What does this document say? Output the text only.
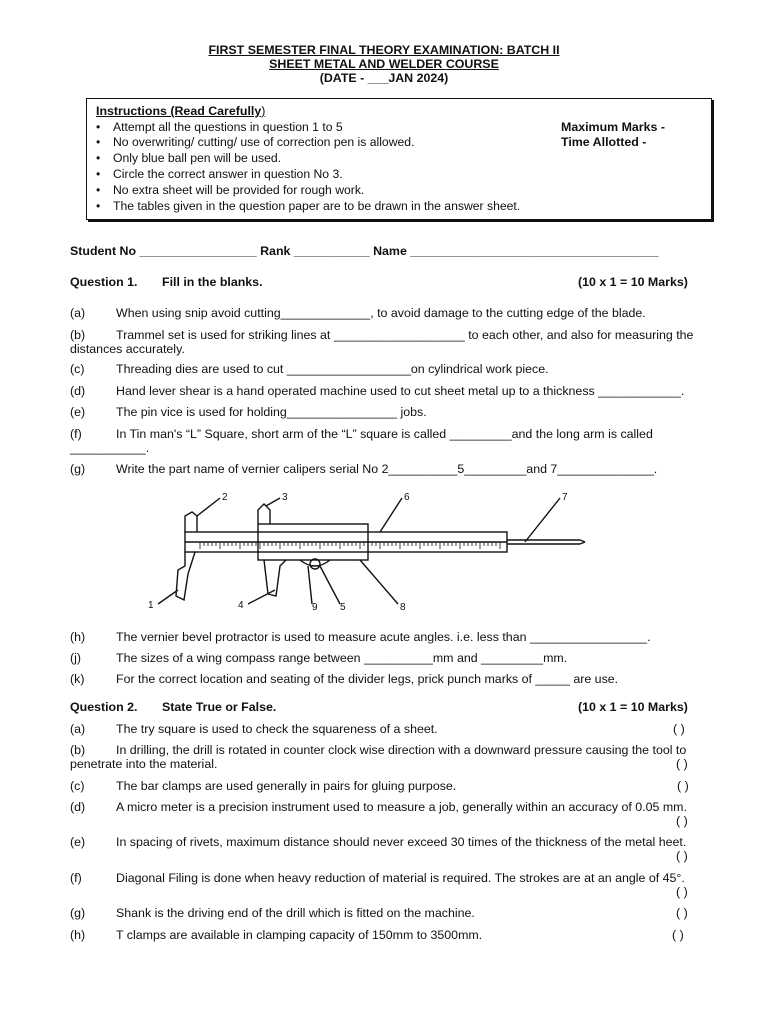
FIRST SEMESTER FINAL THEORY EXAMINATION: BATCH II
SHEET METAL AND WELDER COURSE
(DATE - ___JAN 2024)
Instructions (Read Carefully)
• Attempt all the questions in question 1 to 5
• No overwriting/ cutting/ use of correction pen is allowed.
• Only blue ball pen will be used.
• Circle the correct answer in question No 3.
• No extra sheet will be provided for rough work.
• The tables given in the question paper are to be drawn in the answer sheet.
Maximum Marks -
Time Allotted -
Student No _________________ Rank ___________ Name ____________________________________
Question 1. Fill in the blanks.	(10 x 1 = 10 Marks)
(a) When using snip avoid cutting_____________, to avoid damage to the cutting edge of the blade.
(b) Trammel set is used for striking lines at ___________________ to each other, and also for measuring the
distances accurately.
(c)	Threading dies are used to cut __________________on cylindrical work piece.
(d) Hand lever shear is a hand operated machine used to cut sheet metal up to a thickness ____________.
(e) The pin vice is used for holding________________ jobs.
(f)	In Tin man's “L” Square, short arm of the “L” square is called _________and the long arm is called
___________.
(g) Write the part name of vernier calipers serial No 2__________5_________and 7______________.
2	3	6	7
1	4	9 5	8
(h) The vernier bevel protractor is used to measure acute angles. i.e. less than _________________.
(j)	The sizes of a wing compass range between __________mm and _________mm.
(k)	For the correct location and seating of the divider legs, prick punch marks of _____ are use.
Question 2. State True or False.	(10 x 1 = 10 Marks)
(a) The try square is used to check the squareness of a sheet.	( )
(b) In drilling, the drill is rotated in counter clock wise direction with a downward pressure causing the tool to
penetrate into the material.	( )
(c)	The bar clamps are used generally in pairs for gluing purpose.	( )
(d) A micro meter is a precision instrument used to measure a job, generally within an accuracy of 0.05 mm.
( )
(e) In spacing of rivets, maximum distance should never exceed 30 times of the thickness of the metal heet.
( )
(f)	Diagonal Filing is done when heavy reduction of material is required. The strokes are at an angle of 45°.
( )
(g) Shank is the driving end of the drill which is fitted on the machine.	( )
(h) T clamps are available in clamping capacity of 150mm to 3500mm.	( )
